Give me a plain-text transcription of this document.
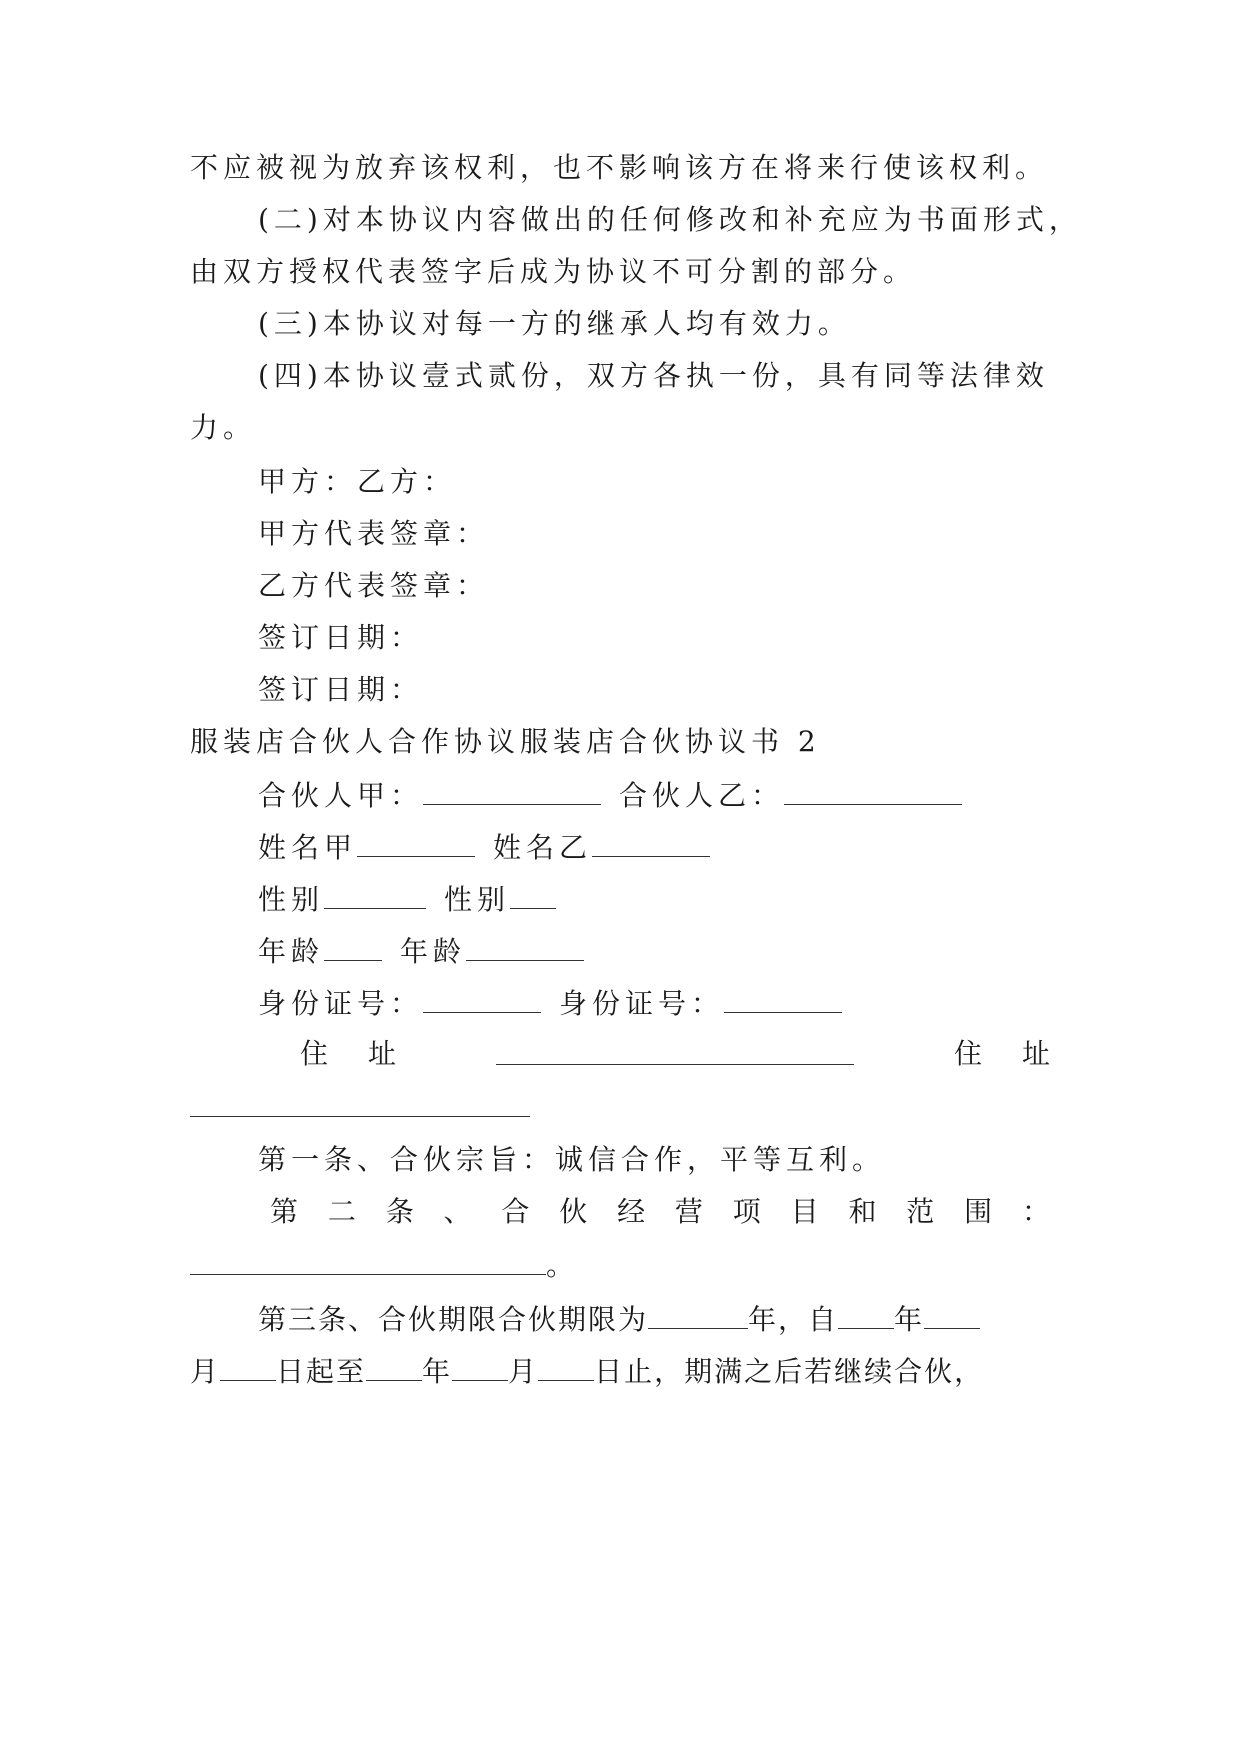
不应被视为放弃该权利，也不影响该方在将来行使该权利。
(二)对本协议内容做出的任何修改和补充应为书面形式，
由双方授权代表签字后成为协议不可分割的部分。
(三)本协议对每一方的继承人均有效力。
(四)本协议壹式贰份，双方各执一份，具有同等法律效
力。
甲方：乙方：
甲方代表签章：
乙方代表签章：
签订日期：
签订日期：
服装店合伙人合作协议服装店合伙协议书 2
合伙人甲：	合伙人乙：
姓名甲	姓名乙
性别	性别
年龄	年龄
身份证号：	身份证号：
住 址	住 址
第一条、合伙宗旨：诚信合作，平等互利。
第 二 条 、 合 伙 经 营 项 目 和 范 围 ：
。
第三条、合伙期限合伙期限为	年，自 年
月 日起至 年 月 日止，期满之后若继续合伙，
